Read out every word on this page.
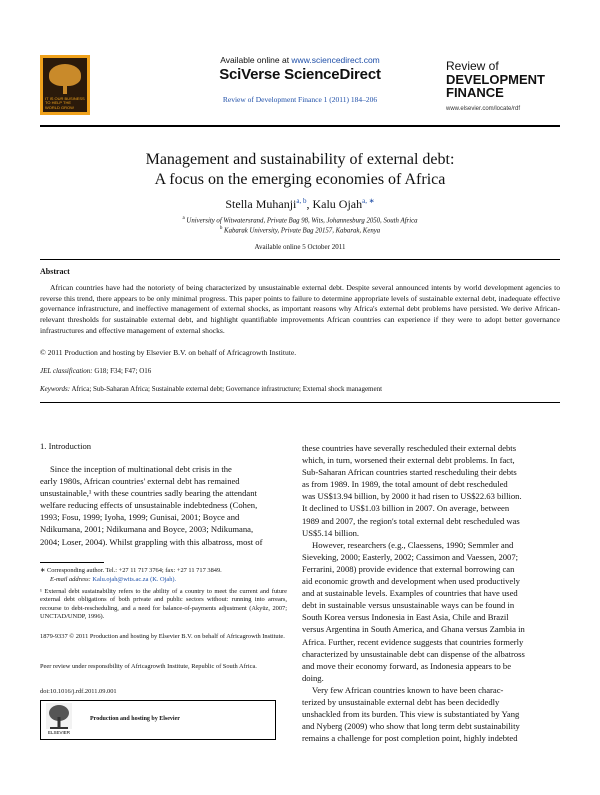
IT IS OUR BUSINESS TO HELP THE WORLD GROW
Available online at www.sciencedirect.com
SciVerse ScienceDirect
Review of Development Finance 1 (2011) 184–206
Review of
DEVELOPMENT
FINANCE
www.elsevier.com/locate/rdf
Management and sustainability of external debt:
A focus on the emerging economies of Africa
Stella Muhanji$^{a, b}$, Kalu Ojah$^{a, ∗}$
$^a$ University of Witwatersrand, Private Bag 98, Wits, Johannesburg 2050, South Africa
$^b$ Kabarak University, Private Bag 20157, Kabarak, Kenya
Available online 5 October 2011
Abstract
African countries have had the notoriety of being characterized by unsustainable external debt. Despite several announced intents by world development agencies to reverse this trend, there appears to be only minimal progress. This paper points to failure to determine appropriate levels of sustainable external debt, inadequate effective governance infrastructure, and ineffective management of external shocks, as important reasons why Africa's external debt problems have persisted. We derive African-relevant thresholds for sustainable external debt, and highlight quantifiable improvements African countries can experience if they were to adopt better governance infrastructures and effective management of external shocks.
© 2011 Production and hosting by Elsevier B.V. on behalf of Africagrowth Institute.
JEL classification: G18; F34; F47; O16
Keywords: Africa; Sub-Saharan Africa; Sustainable external debt; Governance infrastructure; External shock management
1. Introduction
Since the inception of multinational debt crisis in the
early 1980s, African countries' external debt has remained
unsustainable,¹ with these countries sadly bearing the attendant
welfare reducing effects of unsustainable indebtedness (Cohen,
1993; Fosu, 1999; Iyoha, 1999; Gunisai, 2001; Boyce and
Ndikumana, 2001; Ndikumana and Boyce, 2003; Ndikumana,
2004; Loser, 2004). Whilst grappling with this albatross, most of
∗ Corresponding author. Tel.: +27 11 717 3764; fax: +27 11 717 3849.
E-mail address: Kalu.ojah@wits.ac.za (K. Ojah).
¹ External debt sustainability refers to the ability of a country to meet the current and future external debt obligations of both private and public sectors without: running into arrears, recourse to debt-rescheduling, and a need for balance-of-payments adjustment (Akyüz, 2007; UNCTAD/UNDP, 1996).
1879-9337 © 2011 Production and hosting by Elsevier B.V. on behalf of Africagrowth Institute.
Peer review under responsibility of Africagrowth Institute, Republic of South Africa.
doi:10.1016/j.rdf.2011.09.001
ELSEVIER
Production and hosting by Elsevier
these countries have severally rescheduled their external debts
which, in turn, worsened their external debt problems. In fact,
Sub-Saharan African countries started rescheduling their debts
as from 1989. In 1989, the total amount of debt rescheduled
was US$13.94 billion, by 2000 it had risen to US$22.63 billion.
It declined to US$1.03 billion in 2007. On average, between
1989 and 2007, the region's total external debt rescheduled was
US$5.14 billion.
However, researchers (e.g., Claessens, 1990; Semmler and
Sieveking, 2000; Easterly, 2002; Cassimon and Vaessen, 2007;
Ferrarini, 2008) provide evidence that external borrowing can
aid economic growth and development when used productively
and at sustainable levels. Examples of countries that have used
debt in sustainable versus unsustainable ways can be found in
South Korea versus Indonesia in East Asia, Chile and Brazil
versus Argentina in South America, and Ghana versus Zambia in
Africa. Further, recent evidence suggests that countries formerly
characterized by unsustainable debt can dispense of the albatross
and move their economy forward, as Indonesia appears to be
doing.
Very few African countries known to have been charac-
terized by unsustainable external debt has been decidedly
unshackled from its burden. This view is substantiated by Yang
and Nyberg (2009) who show that long term debt sustainability
remains a challenge for post completion point, highly indebted
